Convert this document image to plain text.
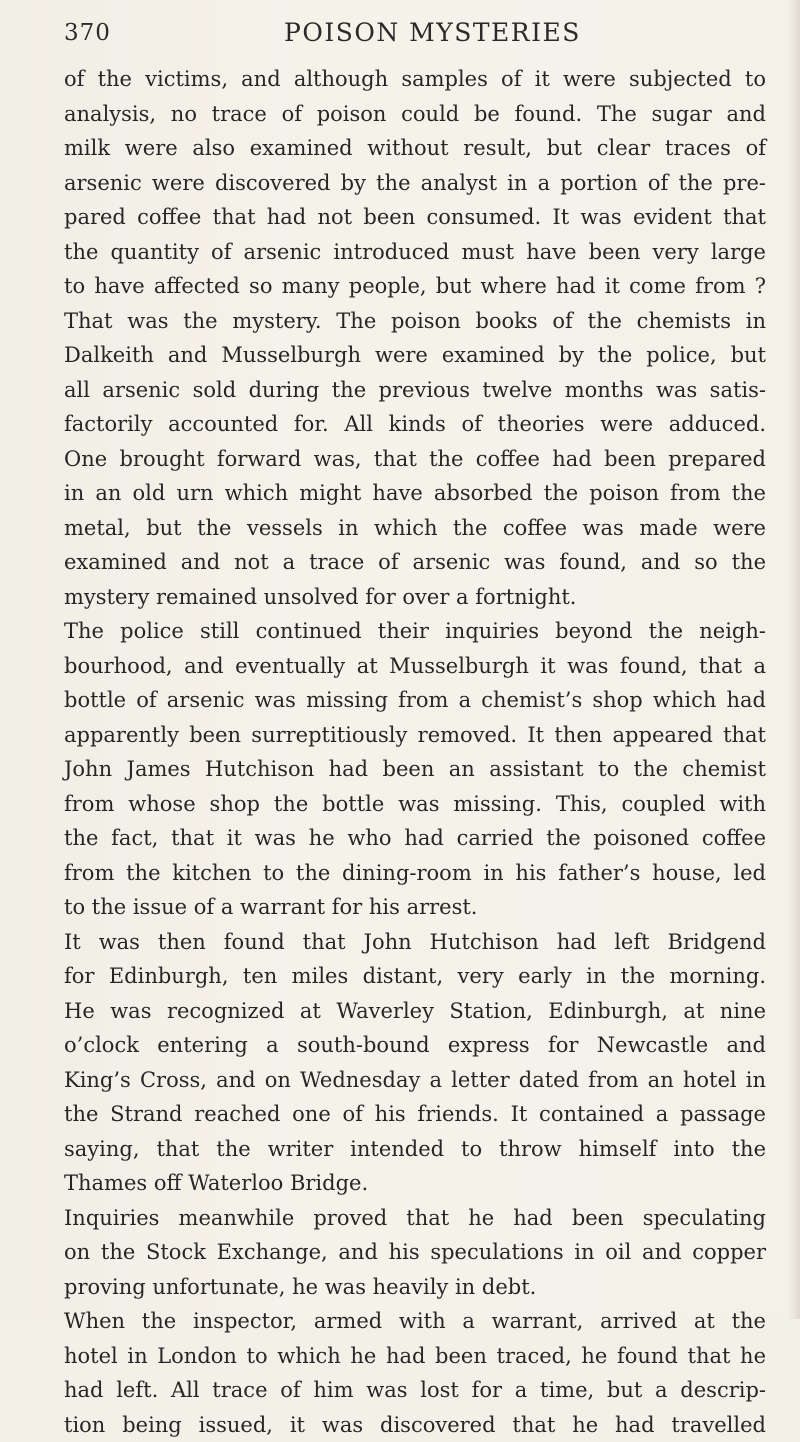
370	POISON MYSTERIES
of the victims, and although samples of it were subjected to
analysis, no trace of poison could be found. The sugar and
milk were also examined without result, but clear traces of
arsenic were discovered by the analyst in a portion of the pre-
pared coffee that had not been consumed. It was evident that
the quantity of arsenic introduced must have been very large
to have affected so many people, but where had it come from ?
That was the mystery. The poison books of the chemists in
Dalkeith and Musselburgh were examined by the police, but
all arsenic sold during the previous twelve months was satis-
factorily accounted for. All kinds of theories were adduced.
One brought forward was, that the coffee had been prepared
in an old urn which might have absorbed the poison from the
metal, but the vessels in which the coffee was made were
examined and not a trace of arsenic was found, and so the
mystery remained unsolved for over a fortnight.
The police still continued their inquiries beyond the neigh-
bourhood, and eventually at Musselburgh it was found, that a
bottle of arsenic was missing from a chemist’s shop which had
apparently been surreptitiously removed. It then appeared that
John James Hutchison had been an assistant to the chemist
from whose shop the bottle was missing. This, coupled with
the fact, that it was he who had carried the poisoned coffee
from the kitchen to the dining-room in his father’s house, led
to the issue of a warrant for his arrest.
It was then found that John Hutchison had left Bridgend
for Edinburgh, ten miles distant, very early in the morning.
He was recognized at Waverley Station, Edinburgh, at nine
o’clock entering a south-bound express for Newcastle and
King’s Cross, and on Wednesday a letter dated from an hotel in
the Strand reached one of his friends. It contained a passage
saying, that the writer intended to throw himself into the
Thames off Waterloo Bridge.
Inquiries meanwhile proved that he had been speculating
on the Stock Exchange, and his speculations in oil and copper
proving unfortunate, he was heavily in debt.
When the inspector, armed with a warrant, arrived at the
hotel in London to which he had been traced, he found that he
had left. All trace of him was lost for a time, but a descrip-
tion being issued, it was discovered that he had travelled
